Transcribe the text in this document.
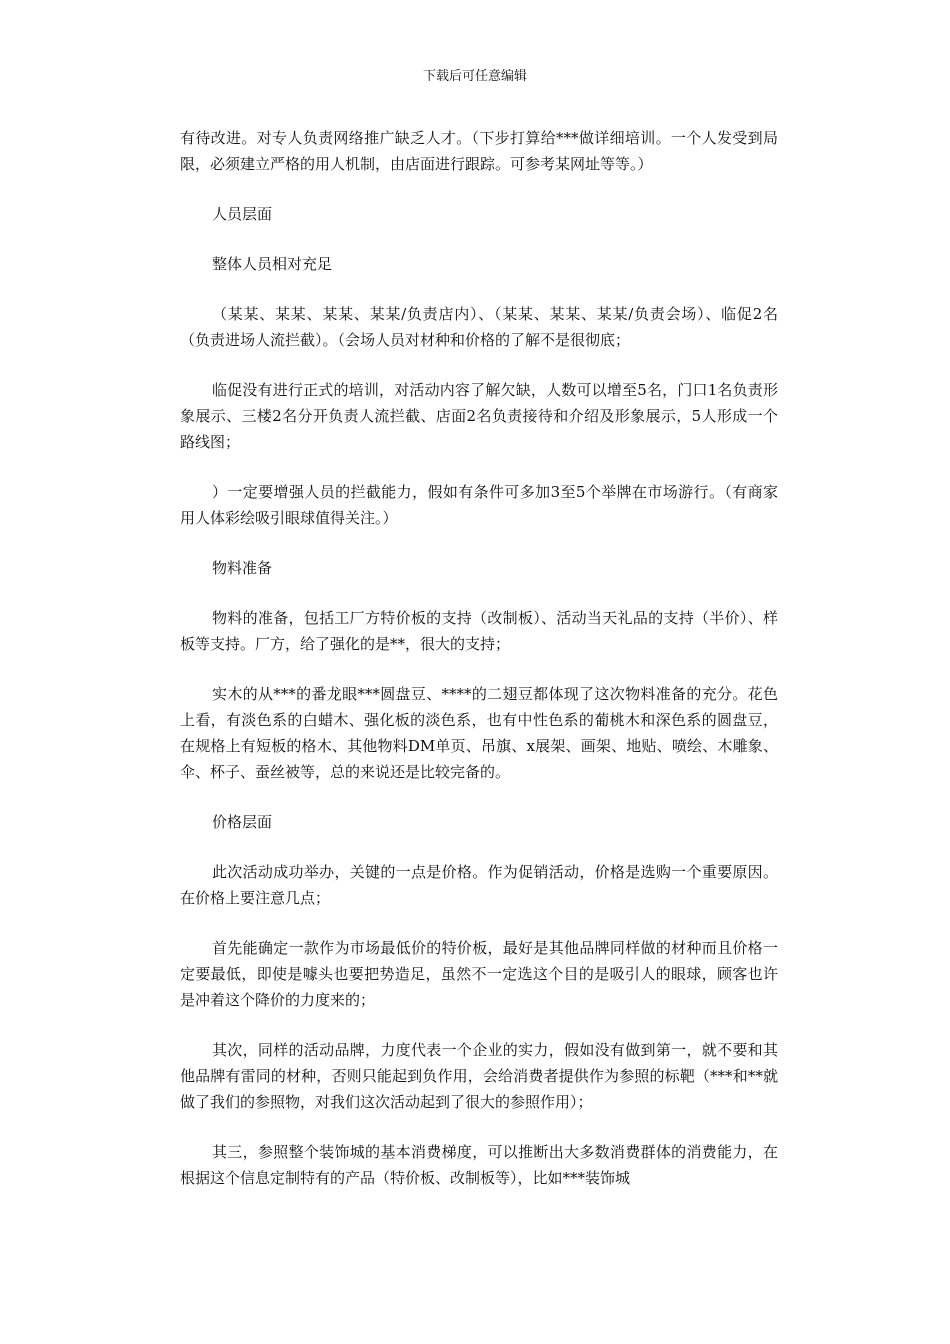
下载后可任意编辑

有待改进。对专人负责网络推广缺乏人才。（下步打算给***做详细培训。一个人发受到局限，必须建立严格的用人机制，由店面进行跟踪。可参考某网址等等。）

人员层面

整体人员相对充足

（某某、某某、某某、某某/负责店内）、（某某、某某、某某/负责会场）、临促2名（负责进场人流拦截）。（会场人员对材种和价格的了解不是很彻底；

临促没有进行正式的培训，对活动内容了解欠缺，人数可以增至5名，门口1名负责形象展示、三楼2名分开负责人流拦截、店面2名负责接待和介绍及形象展示，5人形成一个路线图；

）一定要增强人员的拦截能力，假如有条件可多加3至5个举牌在市场游行。（有商家用人体彩绘吸引眼球值得关注。）

物料准备

物料的准备，包括工厂方特价板的支持（改制板）、活动当天礼品的支持（半价）、样板等支持。厂方，给了强化的是**，很大的支持；

实木的从***的番龙眼***圆盘豆、****的二翅豆都体现了这次物料准备的充分。花色上看，有淡色系的白蜡木、强化板的淡色系，也有中性色系的葡桃木和深色系的圆盘豆，在规格上有短板的格木、其他物料DM单页、吊旗、x展架、画架、地贴、喷绘、木雕象、伞、杯子、蚕丝被等，总的来说还是比较完备的。

价格层面

此次活动成功举办，关键的一点是价格。作为促销活动，价格是选购一个重要原因。在价格上要注意几点；

首先能确定一款作为市场最低价的特价板，最好是其他品牌同样做的材种而且价格一定要最低，即使是噱头也要把势造足，虽然不一定选这个目的是吸引人的眼球，顾客也许是冲着这个降价的力度来的；

其次，同样的活动品牌，力度代表一个企业的实力，假如没有做到第一，就不要和其他品牌有雷同的材种，否则只能起到负作用，会给消费者提供作为参照的标靶（***和**就做了我们的参照物，对我们这次活动起到了很大的参照作用）；

其三，参照整个装饰城的基本消费梯度，可以推断出大多数消费群体的消费能力，在根据这个信息定制特有的产品（特价板、改制板等），比如***装饰城
